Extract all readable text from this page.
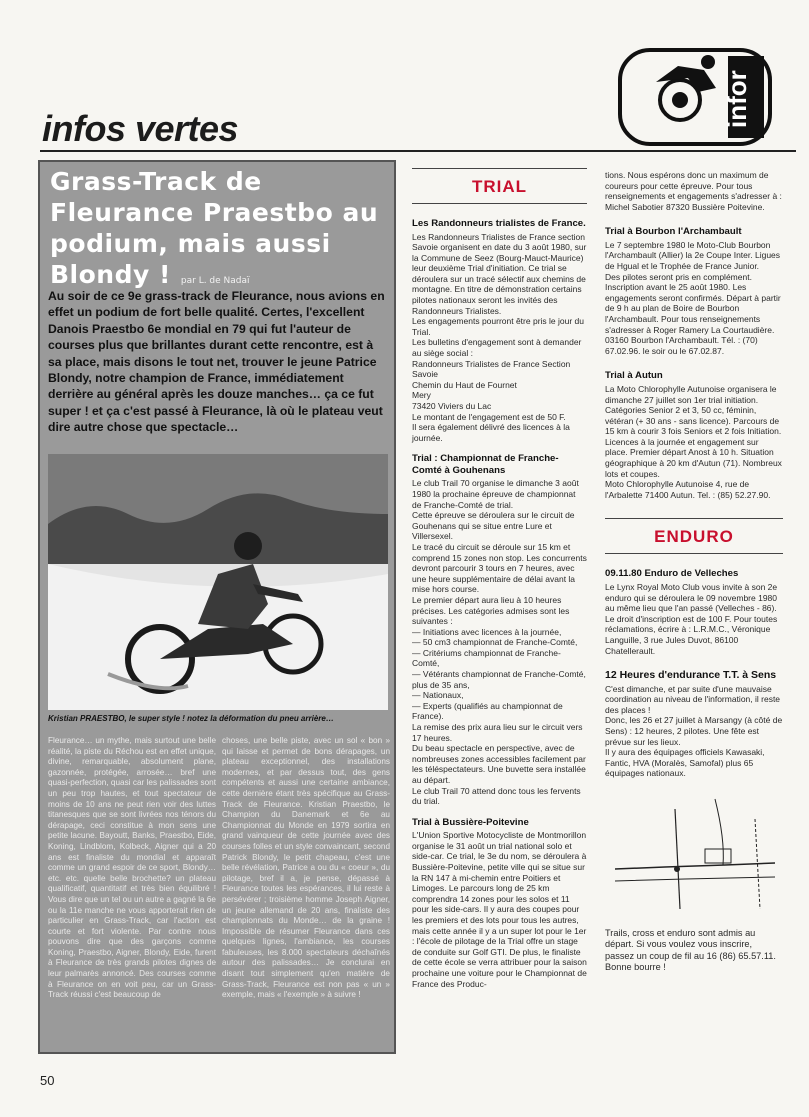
infor
infos vertes
Grass-Track de Fleurance Praestbo au podium, mais aussi Blondy ! par L. de Nadaï

Au soir de ce 9e grass-track de Fleurance, nous avions en effet un podium de fort belle qualité. Certes, l'excellent Danois Praestbo 6e mondial en 79 qui fut l'auteur de courses plus que brillantes durant cette rencontre, est à sa place, mais disons le tout net, trouver le jeune Patrice Blondy, notre champion de France, immédiatement derrière au général après les douze manches… ça ce fut super ! et ça c'est passé à Fleurance, là où le plateau veut dire autre chose que spectacle…

Kristian PRAESTBO, le super style ! notez la déformation du pneu arrière…

Fleurance… un mythe, mais surtout une belle réalité, la piste du Réchou est en effet unique, divine, remarquable, absolument plane, gazonnée, protégée, arrosée… bref une quasi-perfection, quasi car les palissades sont un peu trop hautes, et tout spectateur de moins de 10 ans ne peut rien voir des luttes titanesques que se sont livrées nos ténors du dérapage, ceci constitue à mon sens une petite lacune. Bayoutt, Banks, Praestbo, Eide, Koning, Lindblom, Kolbeck, Aigner qui a 20 ans est finaliste du mondial et apparaît comme un grand espoir de ce sport, Blondy… etc. etc. quelle belle brochette? un plateau qualificatif, quantitatif et très bien équilibré ! Vous dire que un tel ou un autre a gagné la 6e ou la 11e manche ne vous apporterait rien de particulier en Grass-Track, car l'action est courte et fort violente. Par contre nous pouvons dire que des garçons comme Koning, Praestbo, Aigner, Blondy, Eide, furent à Fleurance de très grands pilotes dignes de leur palmarès annoncé. Des courses comme à Fleurance on en voit peu, car un Grass-Track réussi c'est beaucoup de

choses, une belle piste, avec un sol « bon » qui laisse et permet de bons dérapages, un plateau exceptionnel, des installations modernes, et par dessus tout, des gens compétents et aussi une certaine ambiance, cette dernière étant très spécifique au Grass-Track de Fleurance. Kristian Praestbo, le Champion du Danemark et 6e au Championnat du Monde en 1979 sortira en grand vainqueur de cette journée avec des courses folles et un style convaincant, second Patrick Blondy, le petit chapeau, c'est une belle révélation, Patrice a ou du « coeur », du pilotage, bref il a, je pense, dépassé à Fleurance toutes les espérances, il lui reste à persévérer ; troisième homme Joseph Aigner, un jeune allemand de 20 ans, finaliste des championnats du Monde… de la graine ! Impossible de résumer Fleurance dans ces quelques lignes, l'ambiance, les courses fabuleuses, les 8.000 spectateurs déchaînés autour des palissades… Je conclurai en disant tout simplement qu'en matière de Grass-Track, Fleurance est non pas « un » exemple, mais « l'exemple » à suivre !

TRIAL
Les Randonneurs trialistes de France.

Les Randonneurs Trialistes de France section Savoie organisent en date du 3 août 1980, sur la Commune de Seez (Bourg-Mauct-Maurice) leur deuxième Trial d'initiation. Ce trial se déroulera sur un tracé sélectif aux chemins de montagne. En titre de démonstration certains pilotes nationaux seront les invités des Randonneurs Trialistes.

Les engagements pourront être pris le jour du Trial.

Les bulletins d'engagement sont à demander au siège social :

Randonneurs Trialistes de France Section Savoie
Chemin du Haut de Fournet
Mery
73420 Viviers du Lac

Le montant de l'engagement est de 50 F.

Il sera également délivré des licences à la journée.

Trial : Championnat de Franche-Comté à Gouhenans

Le club Trail 70 organise le dimanche 3 août 1980 la prochaine épreuve de championnat de Franche-Comté de trial.

Cette épreuve se déroulera sur le circuit de Gouhenans qui se situe entre Lure et Villersexel.

Le tracé du circuit se déroule sur 15 km et comprend 15 zones non stop. Les concurrents devront parcourir 3 tours en 7 heures, avec une heure supplémentaire de délai avant la mise hors course.

Le premier départ aura lieu à 10 heures précises. Les catégories admises sont les suivantes :

— Initiations avec licences à la journée,
— 50 cm3 championnat de Franche-Comté,
— Critériums championnat de Franche-Comté,
— Vétérants championnat de Franche-Comté, plus de 35 ans,
— Nationaux,
— Experts (qualifiés au championnat de France).

La remise des prix aura lieu sur le circuit vers 17 heures.

Du beau spectacle en perspective, avec de nombreuses zones accessibles facilement par les téléspectateurs. Une buvette sera installée au départ.

Le club Trail 70 attend donc tous les fervents du trial.

Trial à Bussière-Poitevine

L'Union Sportive Motocycliste de Montmorillon organise le 31 août un trial national solo et side-car. Ce trial, le 3e du nom, se déroulera à Bussière-Poitevine, petite ville qui se situe sur la RN 147 à mi-chemin entre Poitiers et Limoges. Le parcours long de 25 km comprendra 14 zones pour les solos et 11 pour les side-cars. Il y aura des coupes pour les premiers et des lots pour tous les autres, mais cette année il y a un super lot pour le 1er : l'école de pilotage de la Trial offre un stage de conduite sur Golf GTI. De plus, le finaliste de cette école se verra attribuer pour la saison prochaine une voiture pour le Championnat de France des Produc-

tions. Nous espérons donc un maximum de coureurs pour cette épreuve. Pour tous renseignements et engagements s'adresser à : Michel Sabotier 87320 Bussière Poitevine.

Trial à Bourbon l'Archambault

Le 7 septembre 1980 le Moto-Club Bourbon l'Archambault (Allier) la 2e Coupe Inter. Ligues de Hgual et le Trophée de France Junior.

Des pilotes seront pris en complément. Inscription avant le 25 août 1980. Les engagements seront confirmés. Départ à partir de 9 h au plan de Boire de Bourbon l'Archambault. Pour tous renseignements s'adresser à Roger Ramery La Courtaudière.

03160 Bourbon l'Archambault. Tél. : (70) 67.02.96. le soir ou le 67.02.87.

Trial à Autun

La Moto Chlorophylle Autunoise organisera le dimanche 27 juillet son 1er trial initiation.

Catégories Senior 2 et 3, 50 cc, féminin, vétéran (+ 30 ans - sans licence). Parcours de 15 km à courir 3 fois Seniors et 2 fois Initiation. Licences à la journée et engagement sur place. Premier départ Anost à 10 h. Situation géographique à 20 km d'Autun (71). Nombreux lots et coupes.

Moto Chlorophylle Autunoise 4, rue de l'Arbalette 71400 Autun. Tel. : (85) 52.27.90.

ENDURO
09.11.80 Enduro de Velleches

Le Lynx Royal Moto Club vous invite à son 2e enduro qui se déroulera le 09 novembre 1980 au même lieu que l'an passé (Velleches - 86). Le droit d'inscription est de 100 F. Pour toutes réclamations, écrire à : L.R.M.C., Véronique Languille, 3 rue Jules Duvot, 86100 Chatellerault.

12 Heures d'endurance T.T. à Sens

C'est dimanche, et par suite d'une mauvaise coordination au niveau de l'information, il reste des places !

Donc, les 26 et 27 juillet à Marsangy (à côté de Sens) : 12 heures, 2 pilotes. Une fête est prévue sur les lieux.

Il y aura des équipages officiels Kawasaki, Fantic, HVA (Moralès, Samofal) plus 65 équipages nationaux.

Trails, cross et enduro sont admis au départ. Si vous voulez vous inscrire, passez un coup de fil au 16 (86) 65.57.11.

Bonne bourre !

50
